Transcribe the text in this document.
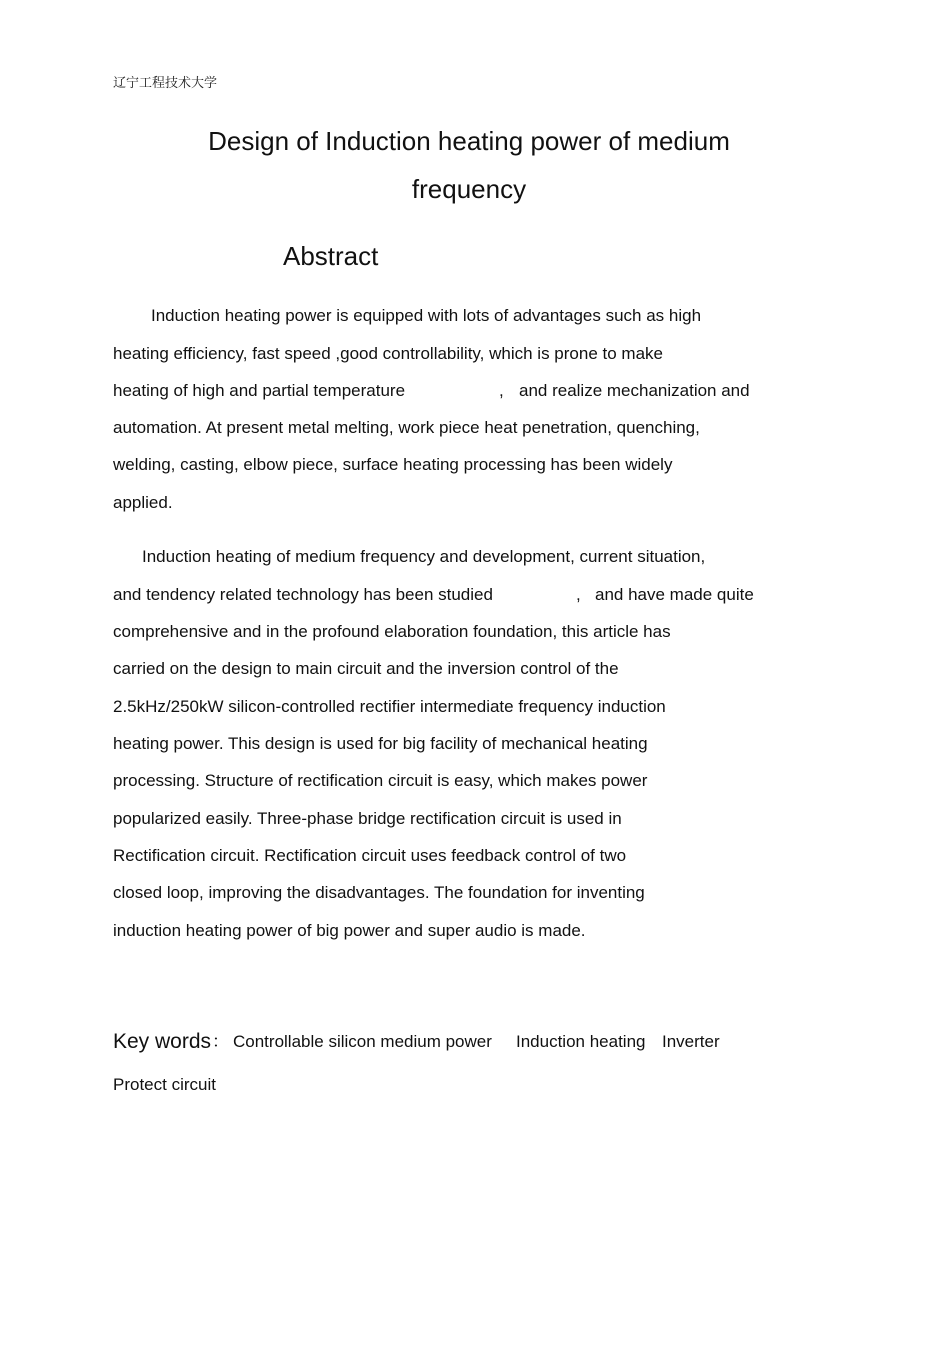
辽宁工程技术大学
Design of Induction heating power of medium
frequency
Abstract
Induction heating power is equipped with lots of advantages such as high
heating efficiency, fast speed ,good controllability, which is prone to make
heating of high and partial temperature	, and realize mechanization and
automation. At present metal melting, work piece heat penetration, quenching,
welding, casting, elbow piece, surface heating processing has been widely
applied.
Induction heating of medium frequency and development, current situation,
and tendency related technology has been studied	, and have made quite
comprehensive and in the profound elaboration foundation, this article has
carried on the design to main circuit and the inversion control of the
2.5kHz/250kW silicon-controlled rectifier intermediate frequency induction
heating power. This design is used for big facility of mechanical heating
processing. Structure of rectification circuit is easy, which makes power
popularized easily. Three-phase bridge rectification circuit is used in
Rectification circuit. Rectification circuit uses feedback control of two
closed loop, improving the disadvantages. The foundation for inventing
induction heating power of big power and super audio is made.
Key words ： Controllable silicon medium power Induction heating Inverter
Protect circuit
